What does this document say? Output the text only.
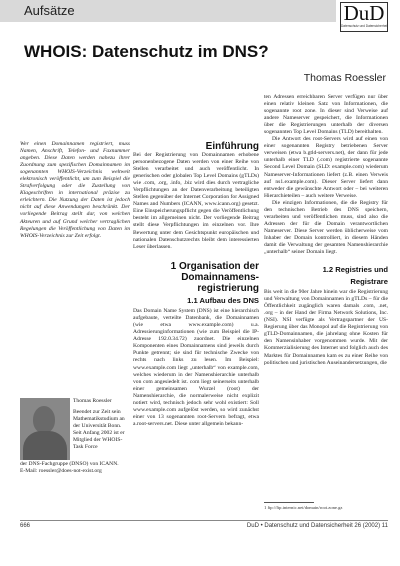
Aufsätze	DuD
Datenschutz und Datensicherheit
WHOIS: Datenschutz im DNS?
Thomas Roessler

Wer einen Domainnamen registriert, muss Namen, Anschrift, Telefon- und Faxnummer angeben. Diese Daten werden nahezu ihrer Zuordnung zum spezifischen Domainnamen im sogenannten WHOIS-Verzeichnis weltweit elektronisch veröffentlicht, um zum Beispiel die Strafverfolgung oder die Zustellung von Klageschriften in international präzise zu erleichtern. Die Nutzung der Daten ist jedoch nicht auf diese Anwendungen beschränkt. Der vorliegende Beitrag stellt dar, von welchen Akteuren und auf Grund welcher vertraglichen Regelungen die Veröffentlichung von Daten im WHOIS-Verzeichnis zur Zeit erfolgt.

Einführung

Bei der Registrierung von Domainnamen erhobene personenbezogene Daten werden von einer Reihe von Stellen verarbeitet und auch veröffentlicht. In generischen oder globalen Top Level Domains (gTLDs) wie .com, .org, .info, .biz wird dies durch vertragliche Verpflichtungen an der Datenverarbeitung beteiligten Stellen gegenüber der Internet Corporation for Assigned Names and Numbers (ICANN, www.icann.org) gesetzt. Eine Einspeicherungspflicht gegen die Veröffentlichung besteht im allgemeinen nicht. Der vorliegende Beitrag stellt diese Verpflichtungen im einzelnen vor. Ihre Bewertung unter dem Gesichtspunkt europäischen und nationalen Datenschutzrechts bleibt dem interessierten Leser überlassen.

1 Organisation der
Domainnamens-
registrierung
1.1 Aufbau des DNS

Das Domain Name System (DNS) ist eine hierarchisch aufgebaute, verteilte Datenbank, die Domainnamen (wie etwa www.example.com) u.a. Adressierunginformationen (wie zum Beispiel die IP-Adresse 192.0.34.72) zuordnet. Die einzelnen Komponenten eines Domainnamens sind jeweils durch Punkte getrennt; sie sind für technische Zwecke von rechts nach links zu lesen. Im Beispiel: www.example.com liegt „unterhalb“ von example.com, welches wiederum in der Namenshierarchie unterhalb von com angesiedelt ist. com liegt seinerseits unterhalb einer gemeinsamen Wurzel (root) der Namenshierarchie, die normalerweise nicht explizit notiert wird, technisch jedoch sehr wohl existiert: Soll www.example.com aufgelöst werden, so wird zunächst einer von 13 sogenannten root-Servern befragt, etwa a.root-servers.net. Diese unter allgemein bekann-

ten Adressen erreichbaren Server verfügen nur über einen relativ kleinen Satz von Informationen, die sogenannte root zone. In dieser sind Verweise auf andere Nameserver gespeichert, die Informationen über die Registrierungen unterhalb der diversen sogenannten Top Level Domains (TLD) bereithalten.

Die Antwort des root-Servers wird auf einen von einer sogenannten Registry betriebenen Server verweisen (etwa b.gtld-servers.net), der dann für jede unterhalb einer TLD (.com) registrierte sogenannte Second Level Domain (SLD: example.com) wiederum Nameserver-Informationen liefert (z.B. einen Verweis auf ns1.example.com). Dieser Server liefert dann entweder die gewünschte Antwort oder – bei weiteren Hierarchieteilen – auch weitere Verweise.

Die einzigen Informationen, die die Registry für den technischen Betrieb des DNS speichern, verarbeiten und veröffentlichen muss, sind also die Adressen der für die Domain verantwortlichen Nameserver. Diese Server werden üblicherweise vom Inhaber der Domain kontrolliert, in diesem Händen damit die Verwaltung der gesamten Namenshierarchie „unterhalb“ seiner Domain liegt.

1.2 Registries und
Registrare

Bis weit in die 90er Jahre hinein war die Registrierung und Verwaltung von Domainnamen in gTLDs – für die Öffentlichkeit zugänglich waren damals .com, .net, .org – in der Hand der Firma Network Solutions, Inc. (NSI). NSI verfügte als Vertragspartner der US-Regierung über das Monopol auf die Registrierung von gTLD-Domainnamen, die jahrelang ohne Kosten für den Namensinhaber vorgenommen wurde. Mit der Kommerzialisierung des Internet und folglich auch des Marktes für Domainnamen kam es zu einer Reihe von politischen und juristischen Auseinandersetzungen, die

Thomas Roessler
Beendet zur Zeit sein Mathematikstudium an der Universität Bonn. Seit Anfang 2002 ist er Mitglied der WHOIS-Task Force
der DNS-Fachgruppe (DNSO) von ICANN.
E-Mail: roessler@does-not-exist.org
1 ftp://ftp.internic.net/domain/root.zone.gz
666	DuD • Datenschutz und Datensicherheit 26 (2002) 11
